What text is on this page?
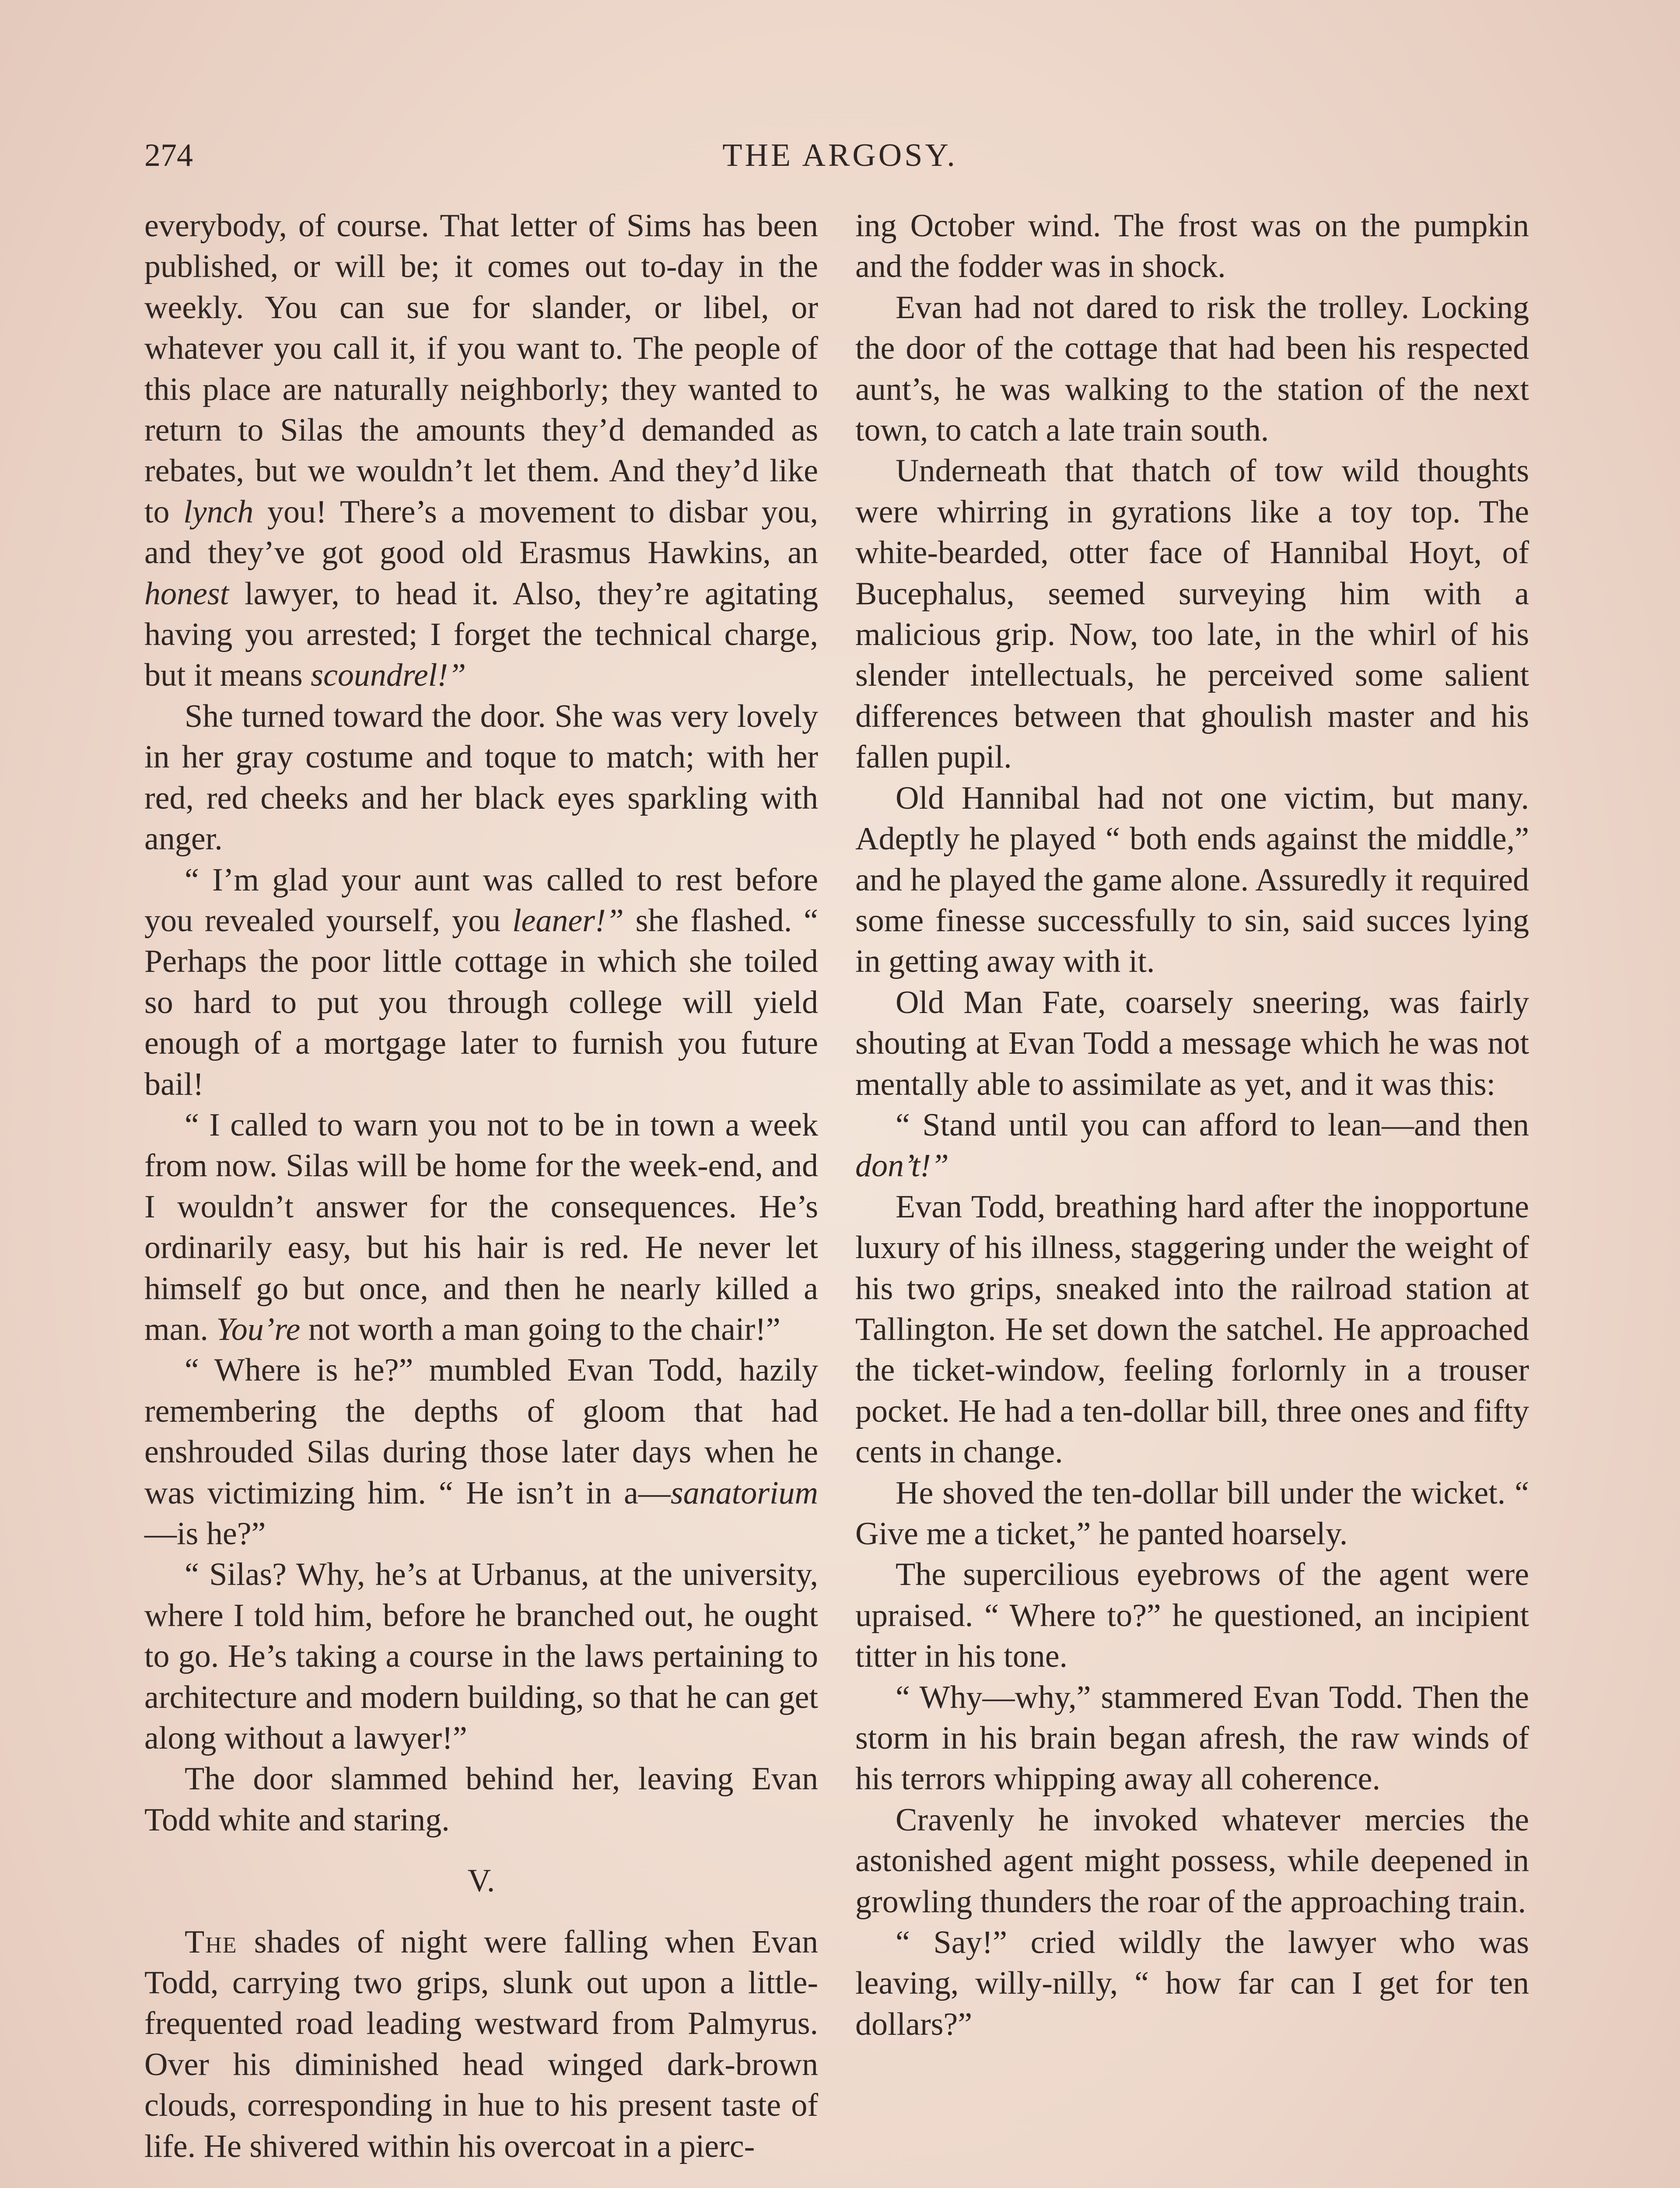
274	THE ARGOSY.

everybody, of course. That letter of Sims has been published, or will be; it comes out to-day in the weekly. You can sue for slander, or libel, or whatever you call it, if you want to. The people of this place are naturally neighborly; they wanted to return to Silas the amounts they’d demanded as rebates, but we wouldn’t let them. And they’d like to lynch you! There’s a movement to disbar you, and they’ve got good old Erasmus Hawkins, an honest lawyer, to head it. Also, they’re agitating having you arrested; I forget the technical charge, but it means scoundrel!”

She turned toward the door. She was very lovely in her gray costume and toque to match; with her red, red cheeks and her black eyes sparkling with anger.

“ I’m glad your aunt was called to rest before you revealed yourself, you leaner!” she flashed. “ Perhaps the poor little cottage in which she toiled so hard to put you through college will yield enough of a mortgage later to furnish you future bail!

“ I called to warn you not to be in town a week from now. Silas will be home for the week-end, and I wouldn’t answer for the consequences. He’s ordinarily easy, but his hair is red. He never let himself go but once, and then he nearly killed a man. You’re not worth a man going to the chair!”

“ Where is he?” mumbled Evan Todd, hazily remembering the depths of gloom that had enshrouded Silas during those later days when he was victimizing him. “ He isn’t in a—sanatorium—is he?”

“ Silas? Why, he’s at Urbanus, at the university, where I told him, before he branched out, he ought to go. He’s taking a course in the laws pertaining to architecture and modern building, so that he can get along without a lawyer!”

The door slammed behind her, leaving Evan Todd white and staring.

V.

The shades of night were falling when Evan Todd, carrying two grips, slunk out upon a little-frequented road leading westward from Palmyrus. Over his diminished head winged dark-brown clouds, corresponding in hue to his present taste of life. He shivered within his overcoat in a pierc-

ing October wind. The frost was on the pumpkin and the fodder was in shock.

Evan had not dared to risk the trolley. Locking the door of the cottage that had been his respected aunt’s, he was walking to the station of the next town, to catch a late train south.

Underneath that thatch of tow wild thoughts were whirring in gyrations like a toy top. The white-bearded, otter face of Hannibal Hoyt, of Bucephalus, seemed surveying him with a malicious grip. Now, too late, in the whirl of his slender intellectuals, he perceived some salient differences between that ghoulish master and his fallen pupil.

Old Hannibal had not one victim, but many. Adeptly he played “ both ends against the middle,” and he played the game alone. Assuredly it required some finesse successfully to sin, said succes lying in getting away with it.

Old Man Fate, coarsely sneering, was fairly shouting at Evan Todd a message which he was not mentally able to assimilate as yet, and it was this:

“ Stand until you can afford to lean—and then don’t!”

Evan Todd, breathing hard after the inopportune luxury of his illness, staggering under the weight of his two grips, sneaked into the railroad station at Tallington. He set down the satchel. He approached the ticket-window, feeling forlornly in a trouser pocket. He had a ten-dollar bill, three ones and fifty cents in change.

He shoved the ten-dollar bill under the wicket. “ Give me a ticket,” he panted hoarsely.

The supercilious eyebrows of the agent were upraised. “ Where to?” he questioned, an incipient titter in his tone.

“ Why—why,” stammered Evan Todd. Then the storm in his brain began afresh, the raw winds of his terrors whipping away all coherence.

Cravenly he invoked whatever mercies the astonished agent might possess, while deepened in growling thunders the roar of the approaching train.

“ Say!” cried wildly the lawyer who was leaving, willy-nilly, “ how far can I get for ten dollars?”
